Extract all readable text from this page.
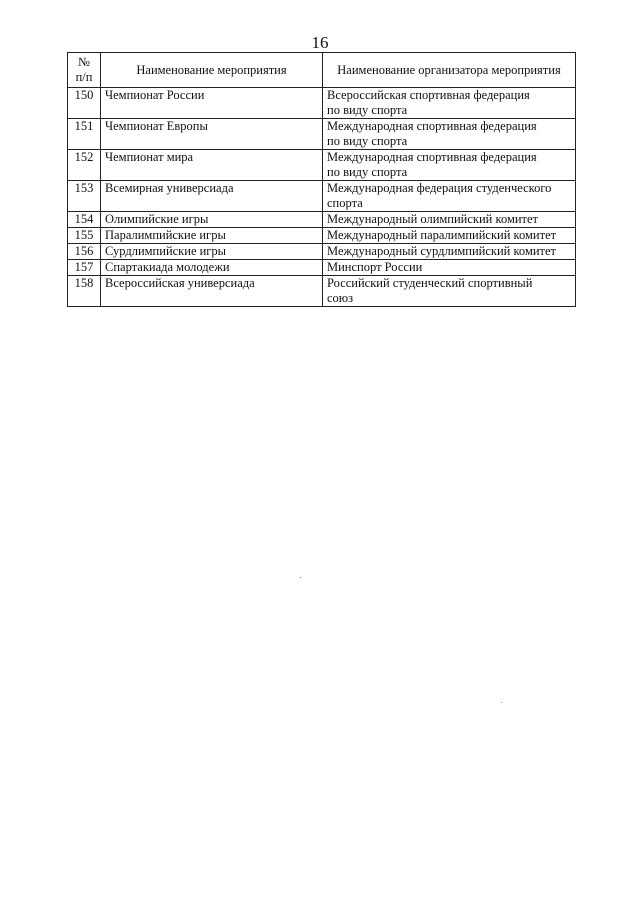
16
№
п/п	Наименование мероприятия	Наименование организатора мероприятия
150	Чемпионат России	Всероссийская спортивная федерация
по виду спорта

151	Чемпионат Европы	Международная спортивная федерация
по виду спорта

152	Чемпионат мира	Международная спортивная федерация
по виду спорта

153	Всемирная универсиада	Международная федерация студенческого
спорта

154	Олимпийские игры	Международный олимпийский комитет

155	Паралимпийские игры	Международный паралимпийский комитет

156	Сурдлимпийские игры	Международный сурдлимпийский комитет

157	Спартакиада молодежи	Минспорт России

158	Всероссийская универсиада	Российский студенческий спортивный
союз
